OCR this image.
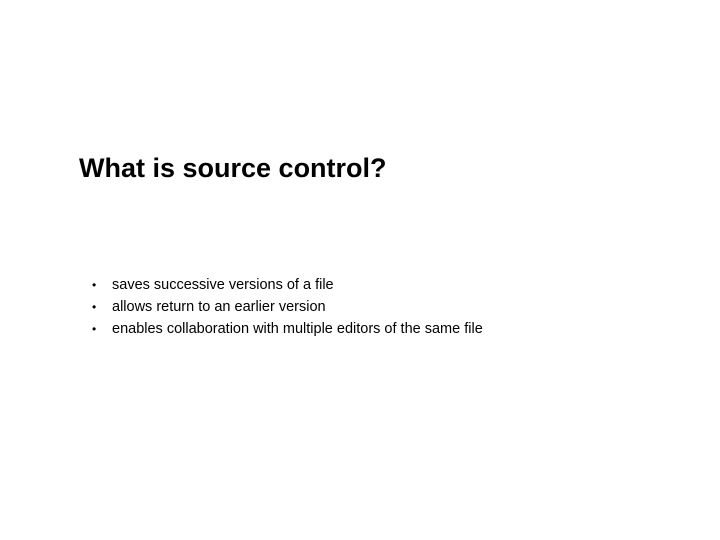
What is source control?
•	saves successive versions of a file
•	allows return to an earlier version
•	enables collaboration with multiple editors of the same file
